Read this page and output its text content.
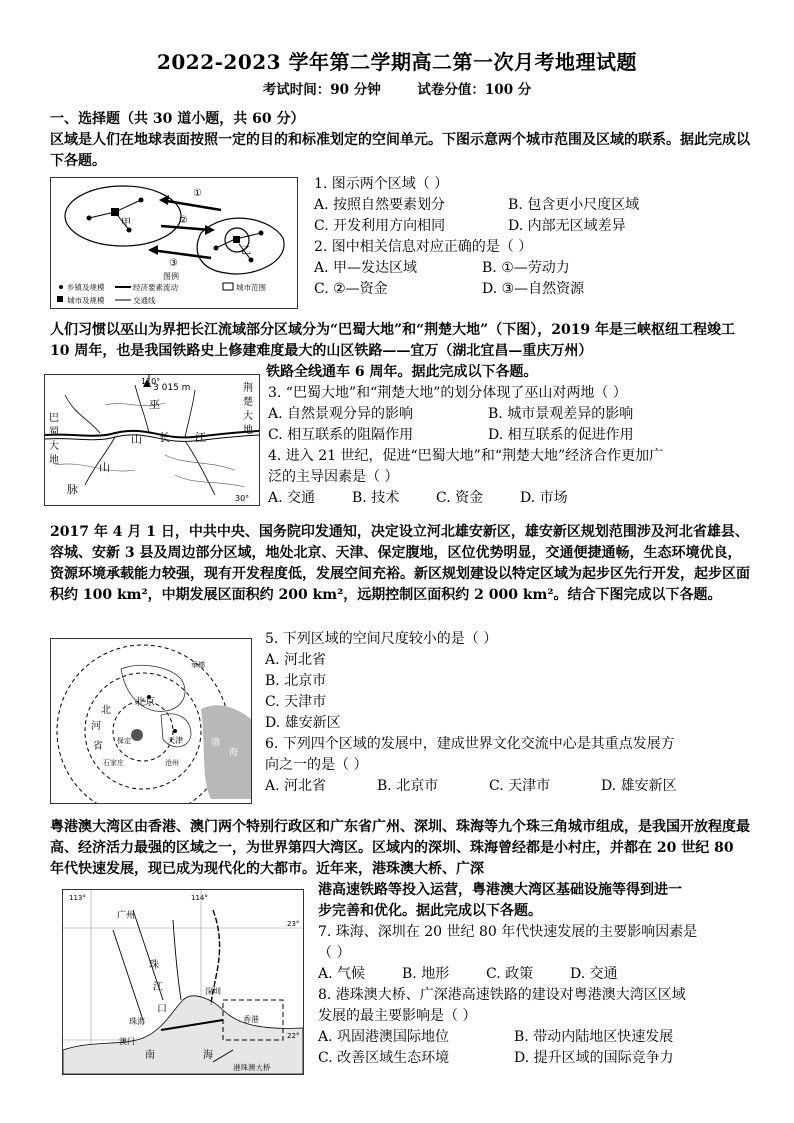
2022-2023 学年第二学期高二第一次月考地理试题
考试时间：90 分钟	试卷分值：100 分
一、选择题（共 30 道小题，共 60 分）
区域是人们在地球表面按照一定的目的和标准划定的空间单元。下图示意两个城市范围及区域的联系。据此完成以下各题。
甲
乙
①
②
③
图例
乡镇及规模	经济要素流动	城市范围
城市及规模	交通线
1. 图示两个区域（ ）
A. 按照自然要素划分	B. 包含更小尺度区域
C. 开发利用方向相同	D. 内部无区域差异
2. 图中相关信息对应正确的是（ ）
A. 甲—发达区域	B. ①—劳动力
C. ②—资金	D. ③—自然资源
人们习惯以巫山为界把长江流域部分区域分为“巴蜀大地”和“荆楚大地”（下图），2019 年是三峡枢纽工程竣工 10 周年，也是我国铁路史上修建难度最大的山区铁路——宜万（湖北宜昌—重庆万州）
铁路全线通车 6 周年。据此完成以下各题。
110°
3 015 m
巫
山 长 江
山
脉
30°
巴
蜀
大
地
荆
楚
大
地
3. “巴蜀大地”和“荆楚大地”的划分体现了巫山对两地（ ）
A. 自然景观分异的影响	B. 城市景观差异的影响
C. 相互联系的阻隔作用	D. 相互联系的促进作用
4. 进入 21 世纪，促进“巴蜀大地”和“荆楚大地”经济合作更加广
泛的主导因素是（ ）
A. 交通	B. 技术	C. 资金	D. 市场
2017 年 4 月 1 日，中共中央、国务院印发通知，决定设立河北雄安新区，雄安新区规划范围涉及河北省雄县、容城、安新 3 县及周边部分区域，地处北京、天津、保定腹地，区位优势明显，交通便捷通畅，生态环境优良，资源环境承载能力较强，现有开发程度低，发展空间充裕。新区规划建设以特定区域为起步区先行开发，起步区面积约 100 km²，中期发展区面积约 200 km²，远期控制区面积约 2 000 km²。结合下图完成以下各题。
北京
天津	渤
海
北
河
省
承德
石家庄	沧州
保定
5. 下列区域的空间尺度较小的是（ ）
A. 河北省
B. 北京市
C. 天津市
D. 雄安新区
6. 下列四个区域的发展中，建成世界文化交流中心是其重点发展方
向之一的是（ ）
A. 河北省	B. 北京市	C. 天津市	D. 雄安新区
粤港澳大湾区由香港、澳门两个特别行政区和广东省广州、深圳、珠海等九个珠三角城市组成，是我国开放程度最高、经济活力最强的区域之一，为世界第四大湾区。区域内的深圳、珠海曾经都是小村庄，并都在 20 世纪 80 年代快速发展，现已成为现代化的大都市。近年来，港珠澳大桥、广深
港高速铁路等投入运营，粤港澳大湾区基础设施等得到进一
步完善和优化。据此完成以下各题。
113°	114°
23°
22°
广州
珠
江
口
深圳
珠海
澳门
香港
南	海
港珠澳大桥
7. 珠海、深圳在 20 世纪 80 年代快速发展的主要影响因素是
（ ）
A. 气候	B. 地形	C. 政策	D. 交通
8. 港珠澳大桥、广深港高速铁路的建设对粤港澳大湾区区域
发展的最主要影响是（ ）
A. 巩固港澳国际地位	B. 带动内陆地区快速发展
C. 改善区域生态环境	D. 提升区域的国际竞争力
